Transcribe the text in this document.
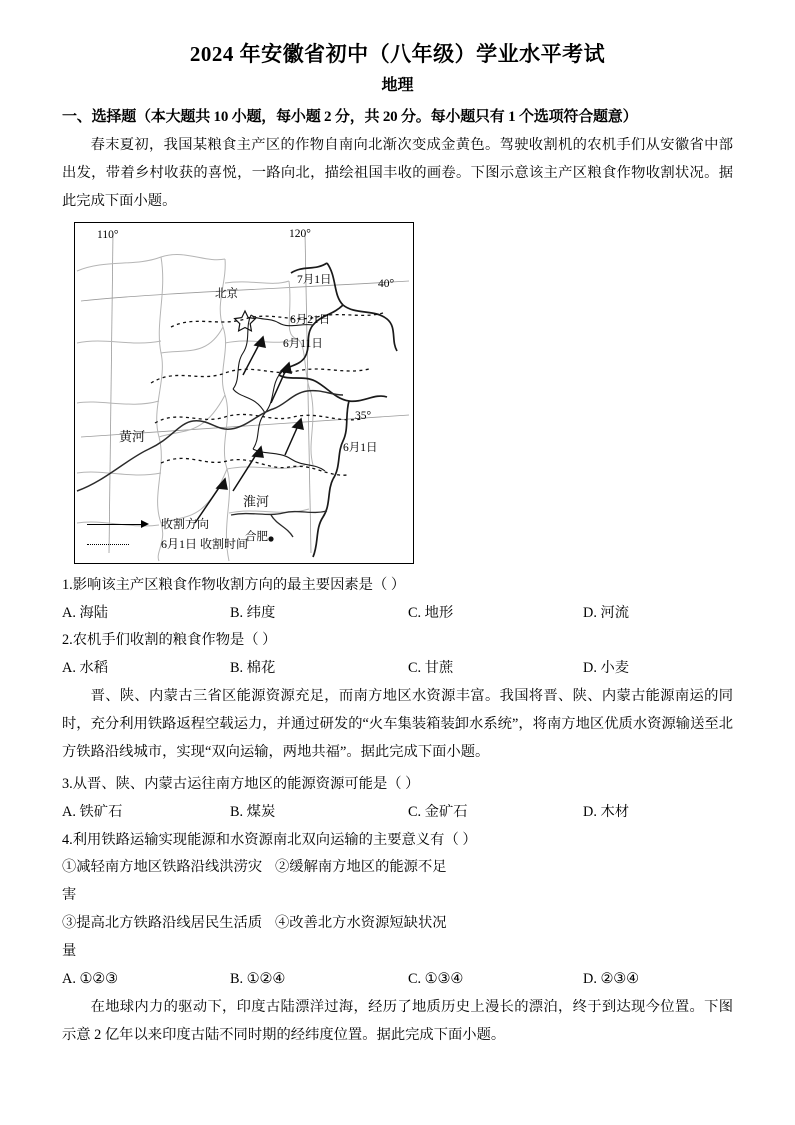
2024 年安徽省初中（八年级）学业水平考试
地理
一、选择题（本大题共 10 小题，每小题 2 分，共 20 分。每小题只有 1 个选项符合题意）

春末夏初，我国某粮食主产区的作物自南向北渐次变成金黄色。驾驶收割机的农机手们从安徽省中部出发，带着乡村收获的喜悦，一路向北，描绘祖国丰收的画卷。下图示意该主产区粮食作物收割状况。据此完成下面小题。

110°	120°
40°
35°
北京
合肥
黄河
淮河
7月1日
6月21日
6月11日
6月1日
收割方向
6月1日 收割时间

1.影响该主产区粮食作物收割方向的最主要因素是（ ）

A. 海陆	B. 纬度	C. 地形	D. 河流

2.农机手们收割的粮食作物是（ ）

A. 水稻	B. 棉花	C. 甘蔗	D. 小麦

晋、陕、内蒙古三省区能源资源充足，而南方地区水资源丰富。我国将晋、陕、内蒙古能源南运的同时，充分利用铁路返程空载运力，并通过研发的“火车集装箱装卸水系统”，将南方地区优质水资源输送至北方铁路沿线城市，实现“双向运输，两地共福”。据此完成下面小题。

3.从晋、陕、内蒙古运往南方地区的能源资源可能是（ ）

A. 铁矿石	B. 煤炭	C. 金矿石	D. 木材

4.利用铁路运输实现能源和水资源南北双向运输的主要意义有（ ）

①减轻南方地区铁路沿线洪涝灾害
②缓解南方地区的能源不足
③提高北方铁路沿线居民生活质量
④改善北方水资源短缺状况
A. ①②③	B. ①②④	C. ①③④	D. ②③④

在地球内力的驱动下，印度古陆漂洋过海，经历了地质历史上漫长的漂泊，终于到达现今位置。下图示意 2 亿年以来印度古陆不同时期的经纬度位置。据此完成下面小题。
